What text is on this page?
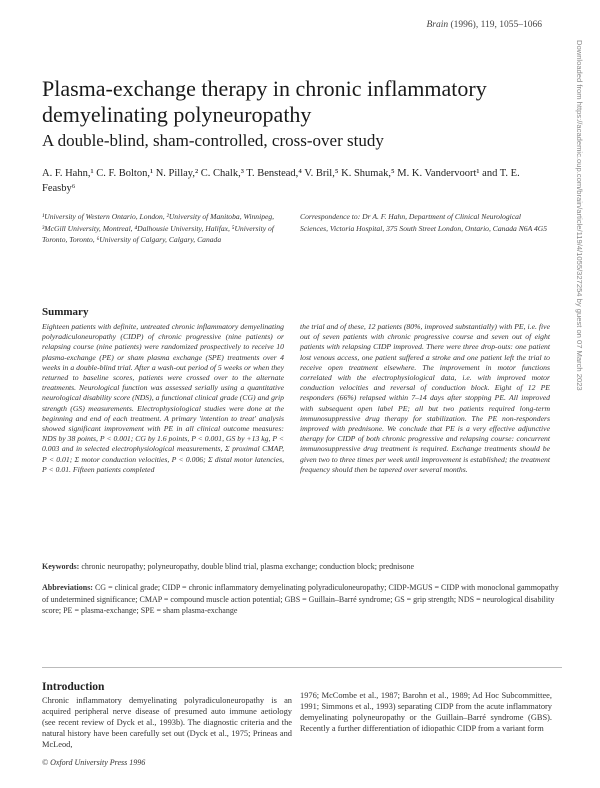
Brain (1996), 119, 1055–1066
Plasma-exchange therapy in chronic inflammatory demyelinating polyneuropathy
A double-blind, sham-controlled, cross-over study
A. F. Hahn,¹ C. F. Bolton,¹ N. Pillay,² C. Chalk,³ T. Benstead,⁴ V. Bril,⁵ K. Shumak,⁵ M. K. Vandervoort¹ and T. E. Feasby⁶
¹University of Western Ontario, London, ²University of Manitoba, Winnipeg, ³McGill University, Montreal, ⁴Dalhousie University, Halifax, ⁵University of Toronto, Toronto, ⁶University of Calgary, Calgary, Canada
Correspondence to: Dr A. F. Hahn, Department of Clinical Neurological Sciences, Victoria Hospital, 375 South Street London, Ontario, Canada N6A 4G5
Summary
Eighteen patients with definite, untreated chronic inflammatory demyelinating polyradiculoneuropathy (CIDP) of chronic progressive (nine patients) or relapsing course (nine patients) were randomized prospectively to receive 10 plasma-exchange (PE) or sham plasma exchange (SPE) treatments over 4 weeks in a double-blind trial. After a wash-out period of 5 weeks or when they returned to baseline scores, patients were crossed over to the alternate treatments. Neurological function was assessed serially using a quantitative neurological disability score (NDS), a functional clinical grade (CG) and grip strength (GS) measurements. Electrophysiological studies were done at the beginning and end of each treatment. A primary 'intention to treat' analysis showed significant improvement with PE in all clinical outcome measures: NDS by 38 points, P < 0.001; CG by 1.6 points, P < 0.001, GS by +13 kg, P < 0.003 and in selected electrophysiological measurements, Σ proximal CMAP, P < 0.01; Σ motor conduction velocities, P < 0.006; Σ distal motor latencies, P < 0.01. Fifteen patients completed
the trial and of these, 12 patients (80%, improved substantially) with PE, i.e. five out of seven patients with chronic progressive course and seven out of eight patients with relapsing CIDP improved. There were three drop-outs: one patient lost venous access, one patient suffered a stroke and one patient left the trial to receive open treatment elsewhere. The improvement in motor functions correlated with the electrophysiological data, i.e. with improved motor conduction velocities and reversal of conduction block. Eight of 12 PE responders (66%) relapsed within 7–14 days after stopping PE. All improved with subsequent open label PE; all but two patients required long-term immunosuppressive drug therapy for stabilization. The PE non-responders improved with prednisone. We conclude that PE is a very effective adjunctive therapy for CIDP of both chronic progressive and relapsing course: concurrent immunosuppressive drug treatment is required. Exchange treatments should be given two to three times per week until improvement is established; the treatment frequency should then be tapered over several months.
Keywords: chronic neuropathy; polyneuropathy, double blind trial, plasma exchange; conduction block; prednisone
Abbreviations: CG = clinical grade; CIDP = chronic inflammatory demyelinating polyradiculoneuropathy; CIDP-MGUS = CIDP with monoclonal gammopathy of undetermined significance; CMAP = compound muscle action potential; GBS = Guillain–Barré syndrome; GS = grip strength; NDS = neurological disability score; PE = plasma-exchange; SPE = sham plasma-exchange
Introduction
Chronic inflammatory demyelinating polyradiculoneuropathy is an acquired peripheral nerve disease of presumed auto immune aetiology (see recent review of Dyck et al., 1993b). The diagnostic criteria and the natural history have been carefully set out (Dyck et al., 1975; Prineas and McLeod,
1976; McCombe et al., 1987; Barohn et al., 1989; Ad Hoc Subcommittee, 1991; Simmons et al., 1993) separating CIDP from the acute inflammatory demyelinating polyneuropathy or the Guillain–Barré syndrome (GBS). Recently a further differentiation of idiopathic CIDP from a variant form
© Oxford University Press 1996
Downloaded from https://academic.oup.com/brain/article/119/4/1055/327254 by guest on 07 March 2023
